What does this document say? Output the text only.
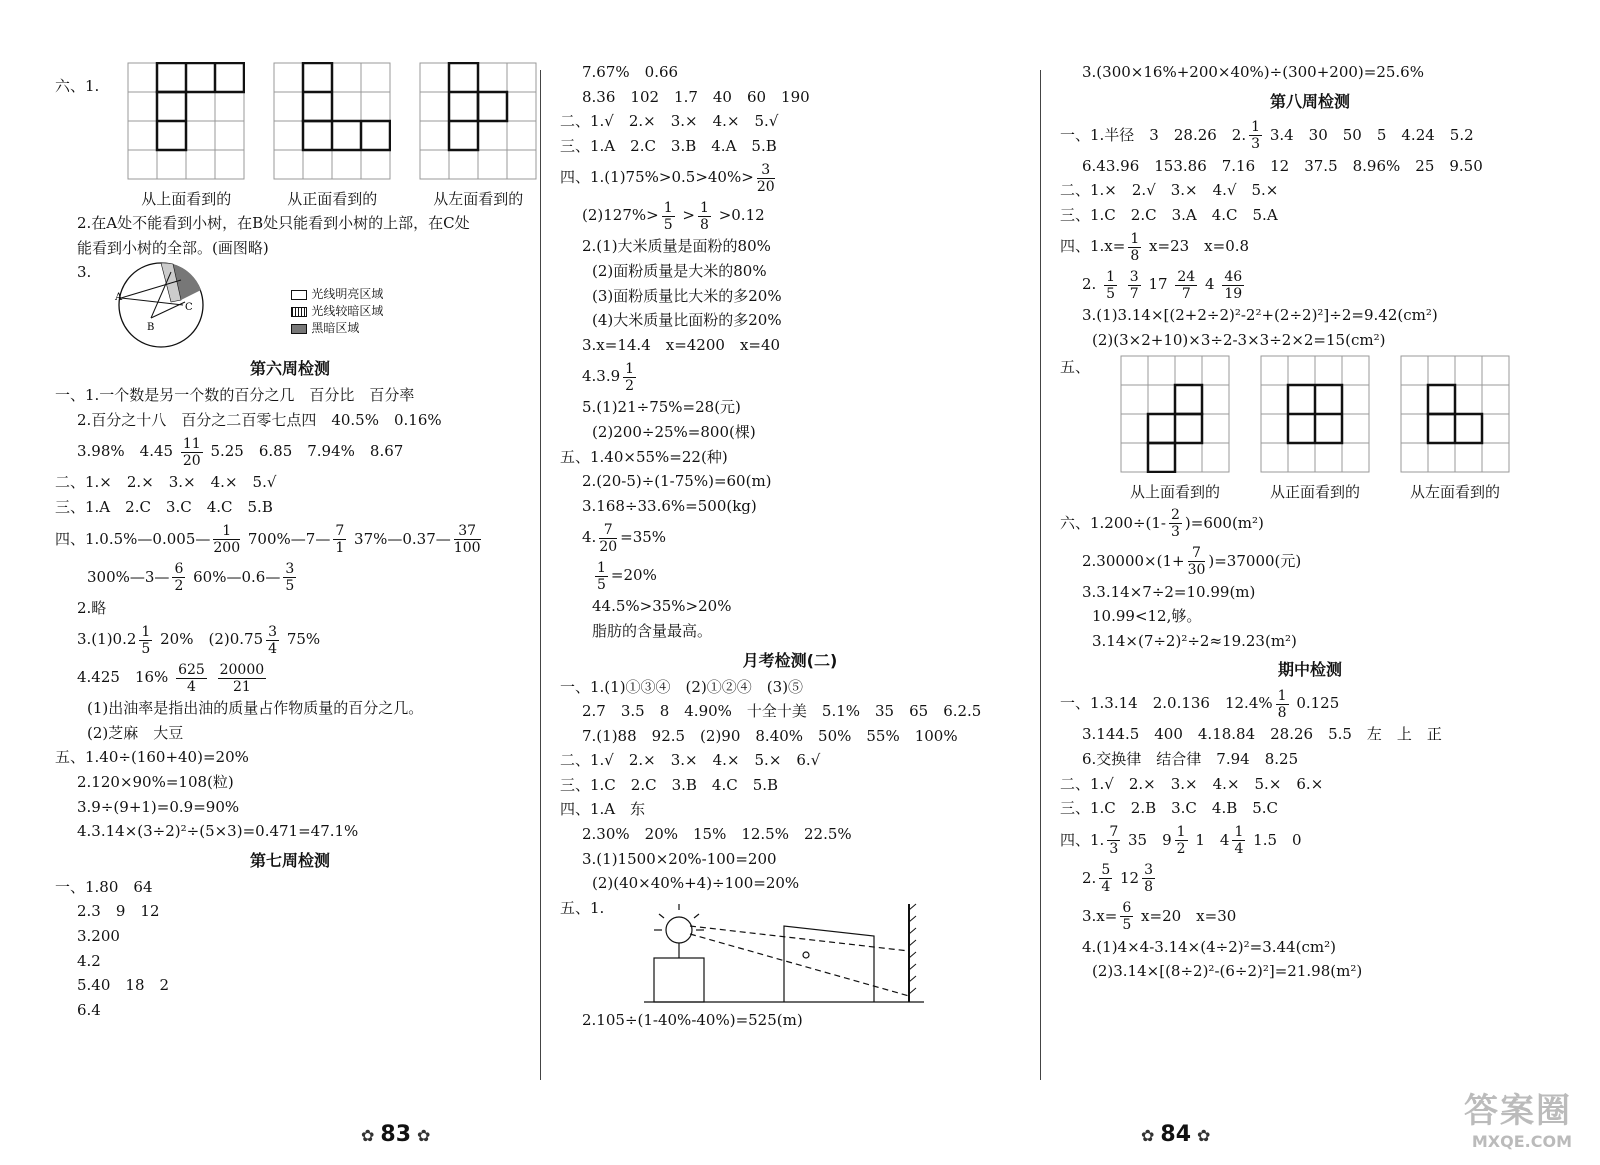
六、1.
从上面看到的	从正面看到的	从左面看到的
2.在A处不能看到小树，在B处只能看到小树的上部，在C处
能看到小树的全部。(画图略)
3.
A
B
C
光线明亮区域
光线较暗区域
黑暗区域
第六周检测
一、1.一个数是另一个数的百分之几　百分比　百分率
2.百分之十八　百分之二百零七点四　40.5%　0.16%
3.98%　$4.45 \frac{11}{20} 5.25$　6.85　7.94%　8.67
二、1.×　2.×　3.×　4.×　5.√
三、1.A　2.C　3.C　4.C　5.B
四、1.0.5%—0.005— $\frac{1}{200}$ 700%—7— $\frac{7}{1}$ 37%—0.37— $\frac{37}{100}$
300%—3— $\frac{6}{2}$ 60%—0.6— $\frac{3}{5}$
2.略
$3.(1)0.2 \frac{1}{5} 20\%$　$(2)0.75 \frac{3}{4} 75\%$
4.425　$16\% \frac{625}{4}$
$\frac{20000}{21}$
(1)出油率是指出油的质量占作物质量的百分之几。
(2)芝麻　大豆
五、1.40÷(160+40)=20%
2.120×90%=108(粒)
3.9÷(9+1)=0.9=90%
4.3.14×(3÷2)²÷(5×3)=0.471=47.1%
第七周检测
一、1.80　64
2.3　9　12
3.200
4.2
5.40　18　2
6.4
7.67%　0.66
8.36　102　1.7　40　60　190
二、1.√　2.×　3.×　4.×　5.√
三、1.A　2.C　3.B　4.A　5.B
四、$1.(1)75\%>0.5>40\%> \frac{3}{20}$
$(2)127\%> \frac{1}{5} > \frac{1}{8} >0.12$
2.(1)大米质量是面粉的80%
(2)面粉质量是大米的80%
(3)面粉质量比大米的多20%
(4)大米质量比面粉的多20%
3.x=14.4　x=4200　x=40
$4.3.9 \frac{1}{2}$
5.(1)21÷75%=28(元)
(2)200÷25%=800(棵)
五、1.40×55%=22(种)
2.(20-5)÷(1-75%)=60(m)
3.168÷33.6%=500(kg)
4. $\frac{7}{20} =35\%$
$\frac{1}{5} =20\%$
44.5%>35%>20%
脂肪的含量最高。
月考检测(二)
一、1.(1)①③④　(2)①②④　(3)⑤
2.7　3.5　8　4.90%　十全十美　5.1%　35　65　6.2.5
7.(1)88　92.5　(2)90　8.40%　50%　55%　100%
二、1.√　2.×　3.×　4.×　5.×　6.√
三、1.C　2.C　3.B　4.C　5.B
四、1.A　东
2.30%　20%　15%　12.5%　22.5%
3.(1)1500×20%-100=200
(2)(40×40%+4)÷100=20%
五、1.
2.105÷(1-40%-40%)=525(m)
3.(300×16%+200×40%)÷(300+200)=25.6%
第八周检测
一、1.半径　3　28.26　2. $\frac{1}{3} 3.4$　30　50　5　4.24　5.2
6.43.96　153.86　7.16　12　37.5　8.96%　25　9.50
二、1.×　2.√　3.×　4.√　5.×
三、1.C　2.C　3.A　4.C　5.A
四、$1.x= \frac{1}{8} x=23$　x=0.8
2. $\frac{1}{5}$
$\frac{3}{7} 17 \frac{24}{7} 4 \frac{46}{19}$
3.(1)3.14×[(2+2÷2)²-2²+(2÷2)²]÷2=9.42(cm²)
(2)(3×2+10)×3÷2-3×3÷2×2=15(cm²)
五、
从上面看到的	从正面看到的	从左面看到的
六、$1.200\div(1- \frac{2}{3} )=600(m^2)$
$2.30000\times(1+ \frac{7}{30} )=37000$(元)
3.3.14×7÷2=10.99(m)
10.99<12,够。
3.14×(7÷2)²÷2≈19.23(m²)
期中检测
一、1.3.14　2.0.136　$12.4\% \frac{1}{8} 0.125$
3.144.5　400　4.18.84　28.26　5.5　左　上　正
6.交换律　结合律　7.94　8.25
二、1.√　2.×　3.×　4.×　5.×　6.×
三、1.C　2.B　3.C　4.B　5.C
四、1. $\frac{7}{3} 35$　$9 \frac{1}{2} 1$　$4 \frac{1}{4} 1.5$　0
2. $\frac{5}{4} 12 \frac{3}{8}$
$3.x= \frac{6}{5} x=20$　x=30
4.(1)4×4-3.14×(4÷2)²=3.44(cm²)
(2)3.14×[(8÷2)²-(6÷2)²]=21.98(m²)
✿ 83 ✿	✿ 84 ✿
答案圈
MXQE.COM
